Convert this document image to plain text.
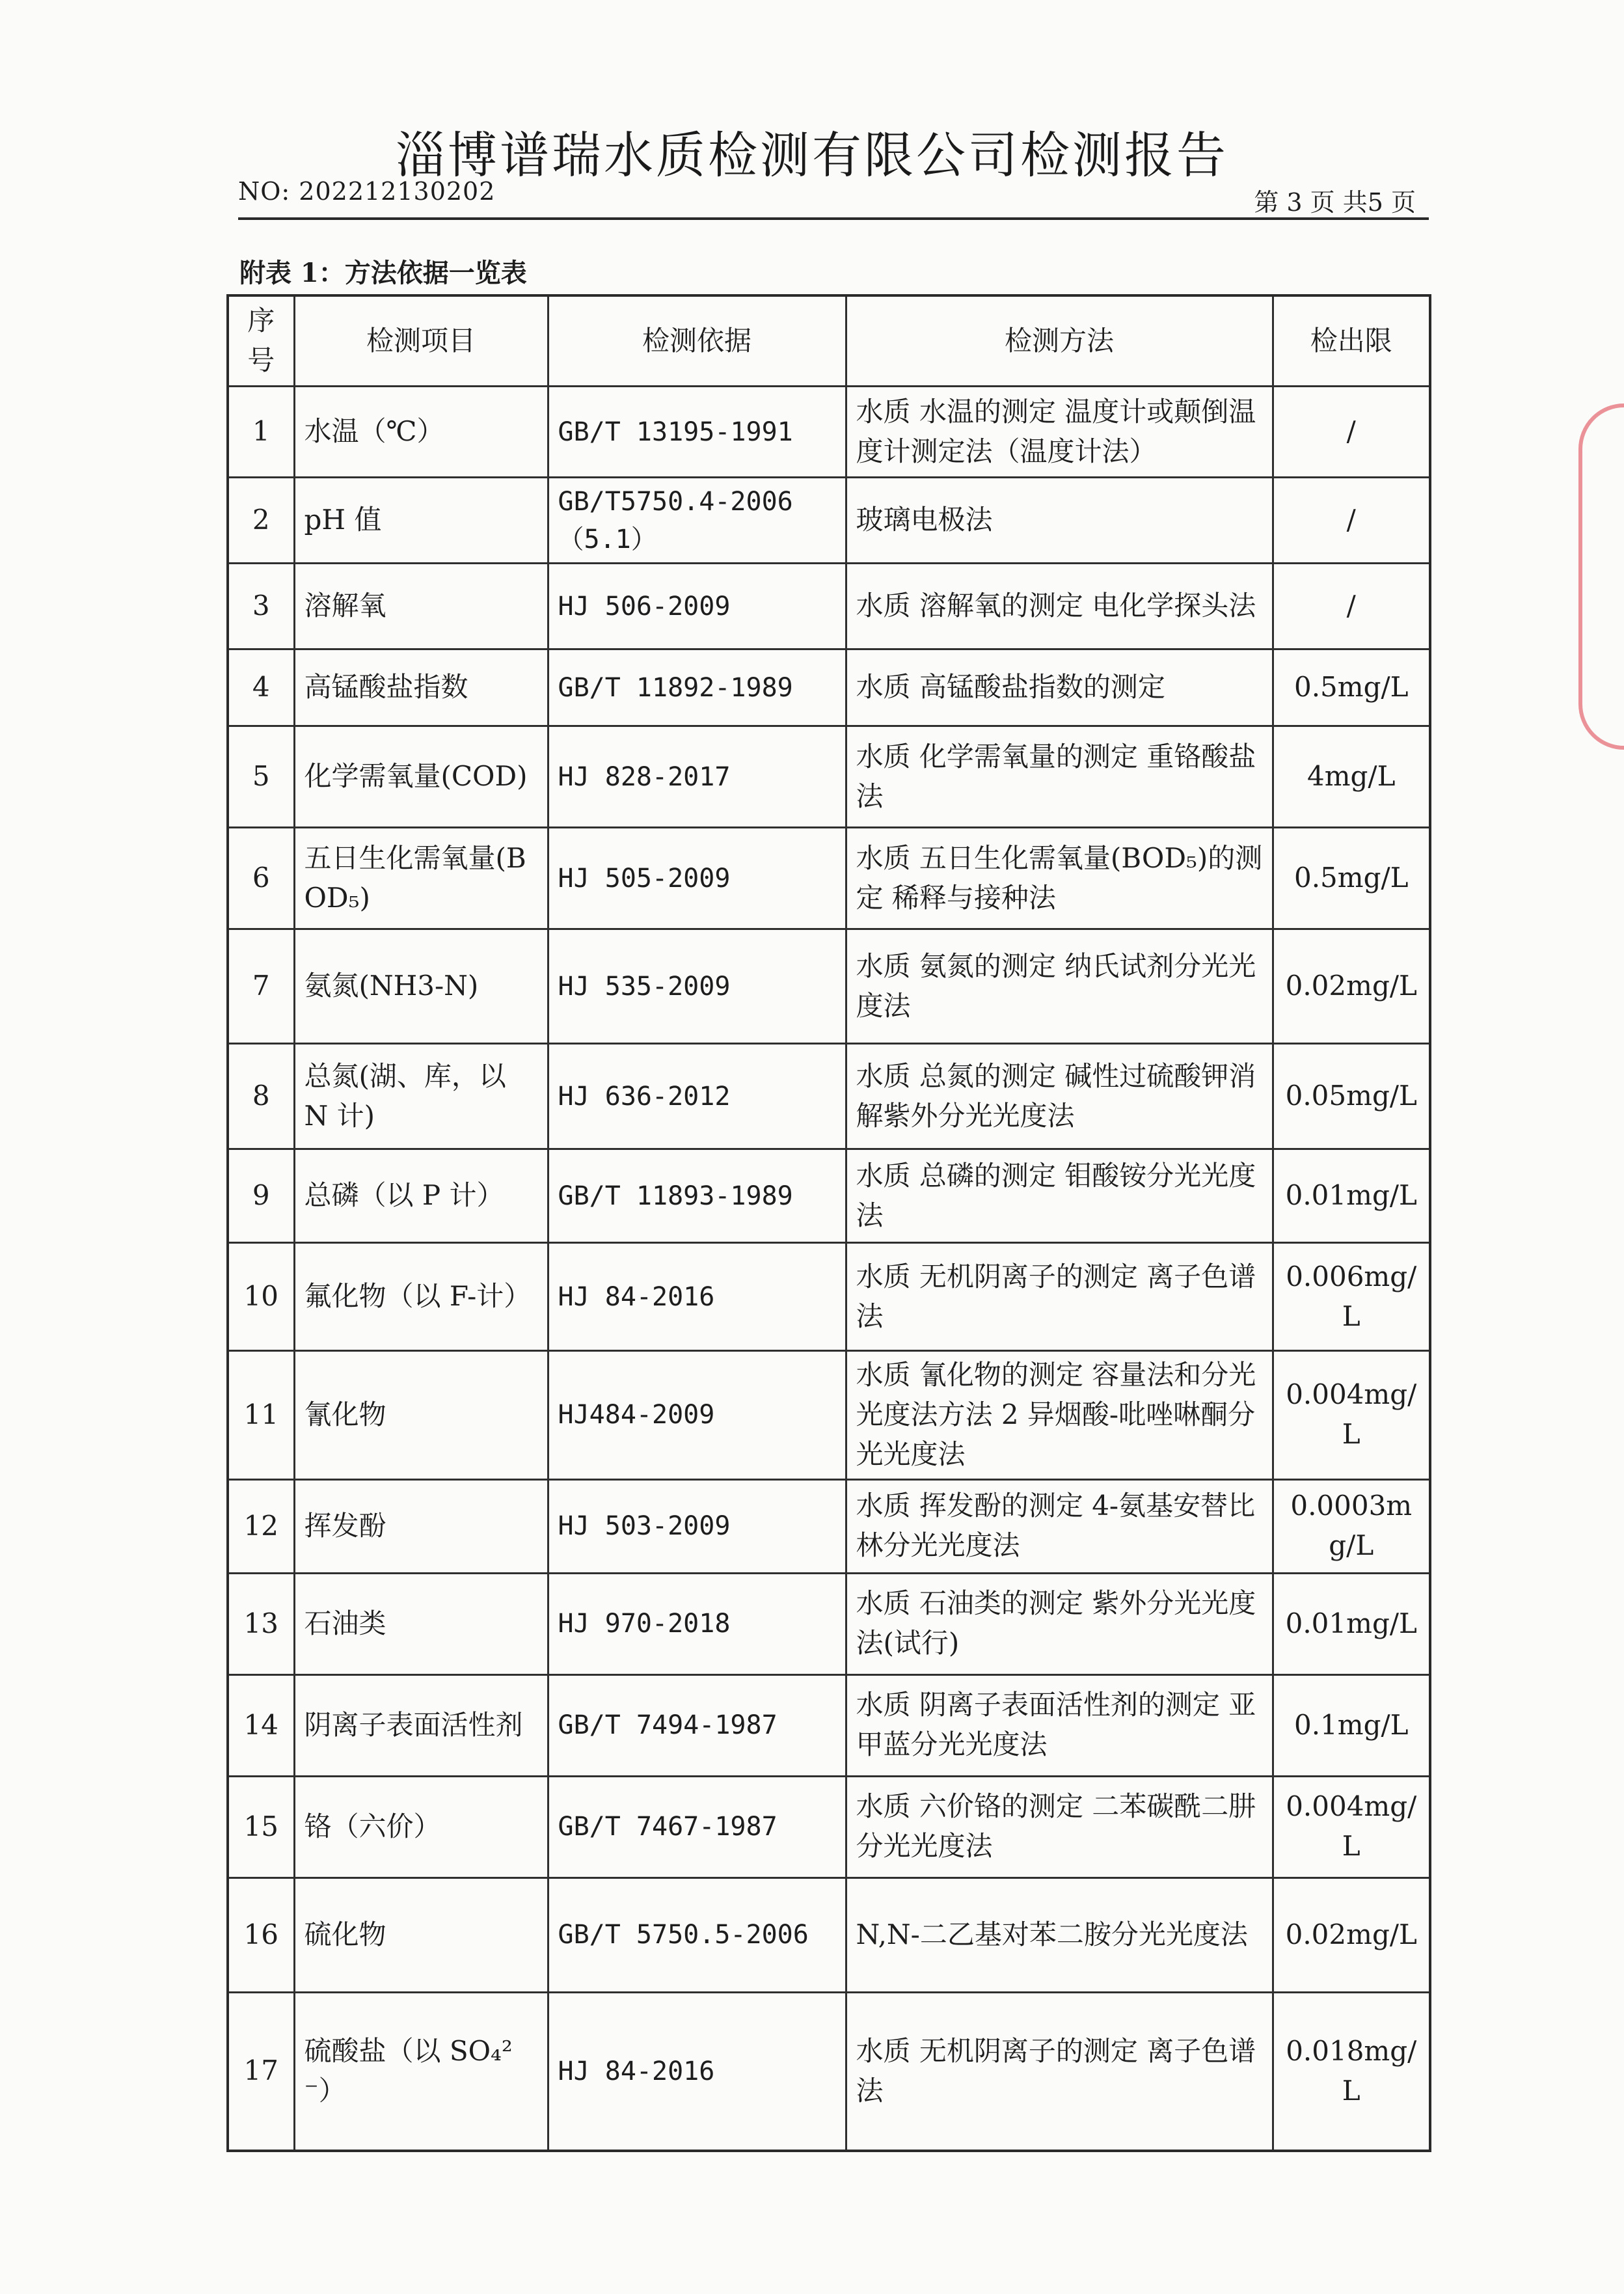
淄博谱瑞水质检测有限公司检测报告
NO: 202212130202	第 3 页 共5 页
附表 1：方法依据一览表
序号	检测项目	检测依据	检测方法	检出限
1	水温（℃）	GB/T 13195-1991	水质 水温的测定 温度计或颠倒温度计测定法（温度计法）	/
2	pH 值	GB/T5750.4-2006（5.1）	玻璃电极法	/
3	溶解氧	HJ 506-2009	水质 溶解氧的测定 电化学探头法	/
4	高锰酸盐指数	GB/T 11892-1989	水质 高锰酸盐指数的测定	0.5mg/L
5	化学需氧量(COD)	HJ 828-2017	水质 化学需氧量的测定 重铬酸盐法	4mg/L
6	五日生化需氧量(BOD₅)	HJ 505-2009	水质 五日生化需氧量(BOD₅)的测定 稀释与接种法	0.5mg/L
7	氨氮(NH3-N)	HJ 535-2009	水质 氨氮的测定 纳氏试剂分光光度法	0.02mg/L
8	总氮(湖、库，以 N 计)	HJ 636-2012	水质 总氮的测定 碱性过硫酸钾消解紫外分光光度法	0.05mg/L
9	总磷（以 P 计）	GB/T 11893-1989	水质 总磷的测定 钼酸铵分光光度法	0.01mg/L
10	氟化物（以 F-计）	HJ 84-2016	水质 无机阴离子的测定 离子色谱法	0.006mg/L
11	氰化物	HJ484-2009	水质 氰化物的测定 容量法和分光光度法方法 2 异烟酸-吡唑啉酮分光光度法	0.004mg/L
12	挥发酚	HJ 503-2009	水质 挥发酚的测定 4-氨基安替比林分光光度法	0.0003mg/L
13	石油类	HJ 970-2018	水质 石油类的测定 紫外分光光度法(试行)	0.01mg/L
14	阴离子表面活性剂	GB/T 7494-1987	水质 阴离子表面活性剂的测定 亚甲蓝分光光度法	0.1mg/L
15	铬（六价）	GB/T 7467-1987	水质 六价铬的测定 二苯碳酰二肼分光光度法	0.004mg/L
16	硫化物	GB/T 5750.5-2006	N,N-二乙基对苯二胺分光光度法	0.02mg/L
17	硫酸盐（以 SO₄²⁻）	HJ 84-2016	水质 无机阴离子的测定 离子色谱法	0.018mg/L
